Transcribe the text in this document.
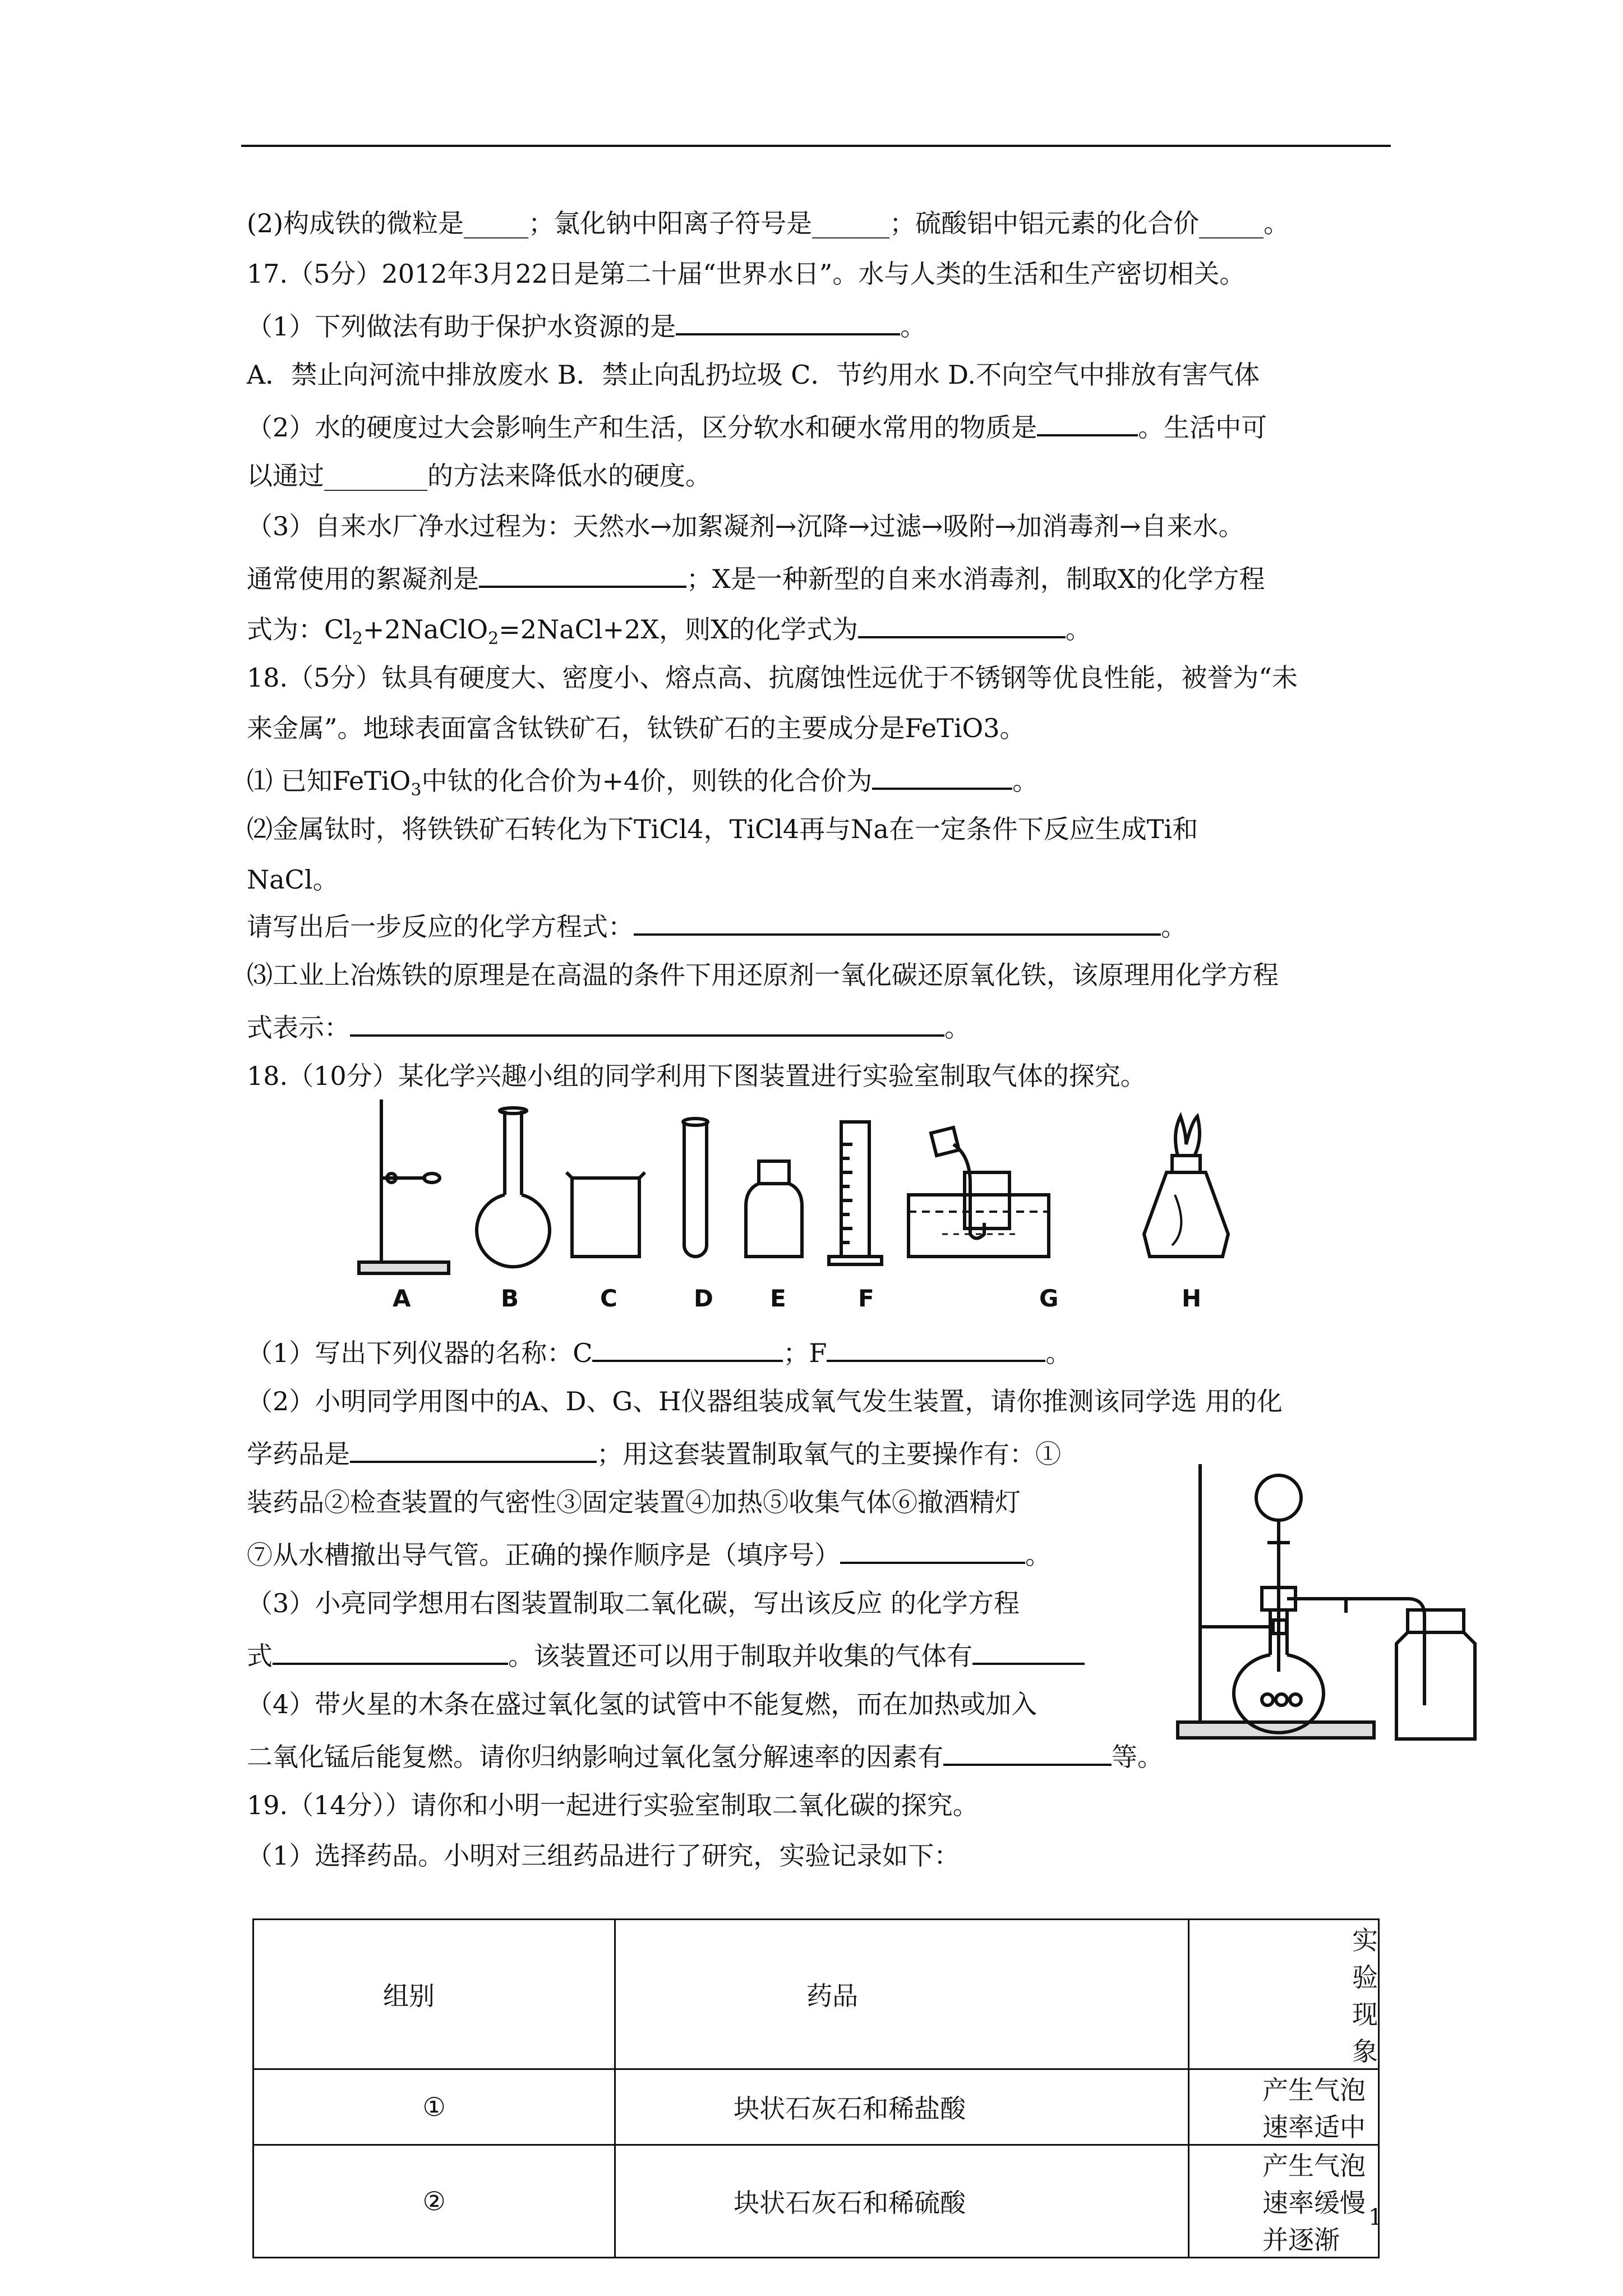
(2)构成铁的微粒是_____；氯化钠中阳离子符号是______；硫酸铝中铝元素的化合价_____。
17.（5分）2012年3月22日是第二十届“世界水日”。水与人类的生活和生产密切相关。
（1）下列做法有助于保护水资源的是	。
A．禁止向河流中排放废水 B．禁止向乱扔垃圾 C．节约用水 D.不向空气中排放有害气体
（2）水的硬度过大会影响生产和生活，区分软水和硬水常用的物质是	。生活中可
以通过________的方法来降低水的硬度。
（3）自来水厂净水过程为：天然水→加絮凝剂→沉降→过滤→吸附→加消毒剂→自来水。
通常使用的絮凝剂是	；X是一种新型的自来水消毒剂，制取X的化学方程
式为：$Cl_2+2NaClO_2=2NaCl+2X$，则X的化学式为	。
18.（5分）钛具有硬度大、密度小、熔点高、抗腐蚀性远优于不锈钢等优良性能，被誉为“未
来金属”。地球表面富含钛铁矿石，钛铁矿石的主要成分是FeTiO3。
⑴ 已知FeTiO$_3$中钛的化合价为+4价，则铁的化合价为	。
⑵金属钛时，将铁铁矿石转化为下TiCl4，TiCl4再与Na在一定条件下反应生成Ti和
NaCl。
请写出后一步反应的化学方程式：	。
⑶工业上冶炼铁的原理是在高温的条件下用还原剂一氧化碳还原氧化铁，该原理用化学方程
式表示：	。
18.（10分）某化学兴趣小组的同学利用下图装置进行实验室制取气体的探究。
A	B	C	D E	F	G	H
（1）写出下列仪器的名称：C	；F	。
（2）小明同学用图中的A、D、G、H仪器组装成氧气发生装置，请你推测该同学选 用的化
学药品是	；用这套装置制取氧气的主要操作有：①
装药品②检查装置的气密性③固定装置④加热⑤收集气体⑥撤酒精灯
⑦从水槽撤出导气管。正确的操作顺序是（填序号）	。
（3）小亮同学想用右图装置制取二氧化碳，写出该反应 的化学方程
式	。该装置还可以用于制取并收集的气体有
（4）带火星的木条在盛过氧化氢的试管中不能复燃，而在加热或加入
二氧化锰后能复燃。请你归纳影响过氧化氢分解速率的因素有	等。
19.（14分））请你和小明一起进行实验室制取二氧化碳的探究。
（1）选择药品。小明对三组药品进行了研究，实验记录如下：
组别	药品	实验现象
①	块状石灰石和稀盐酸	产生气泡速率适中
②	块状石灰石和稀硫酸	产生气泡速率缓慢并逐渐
1
